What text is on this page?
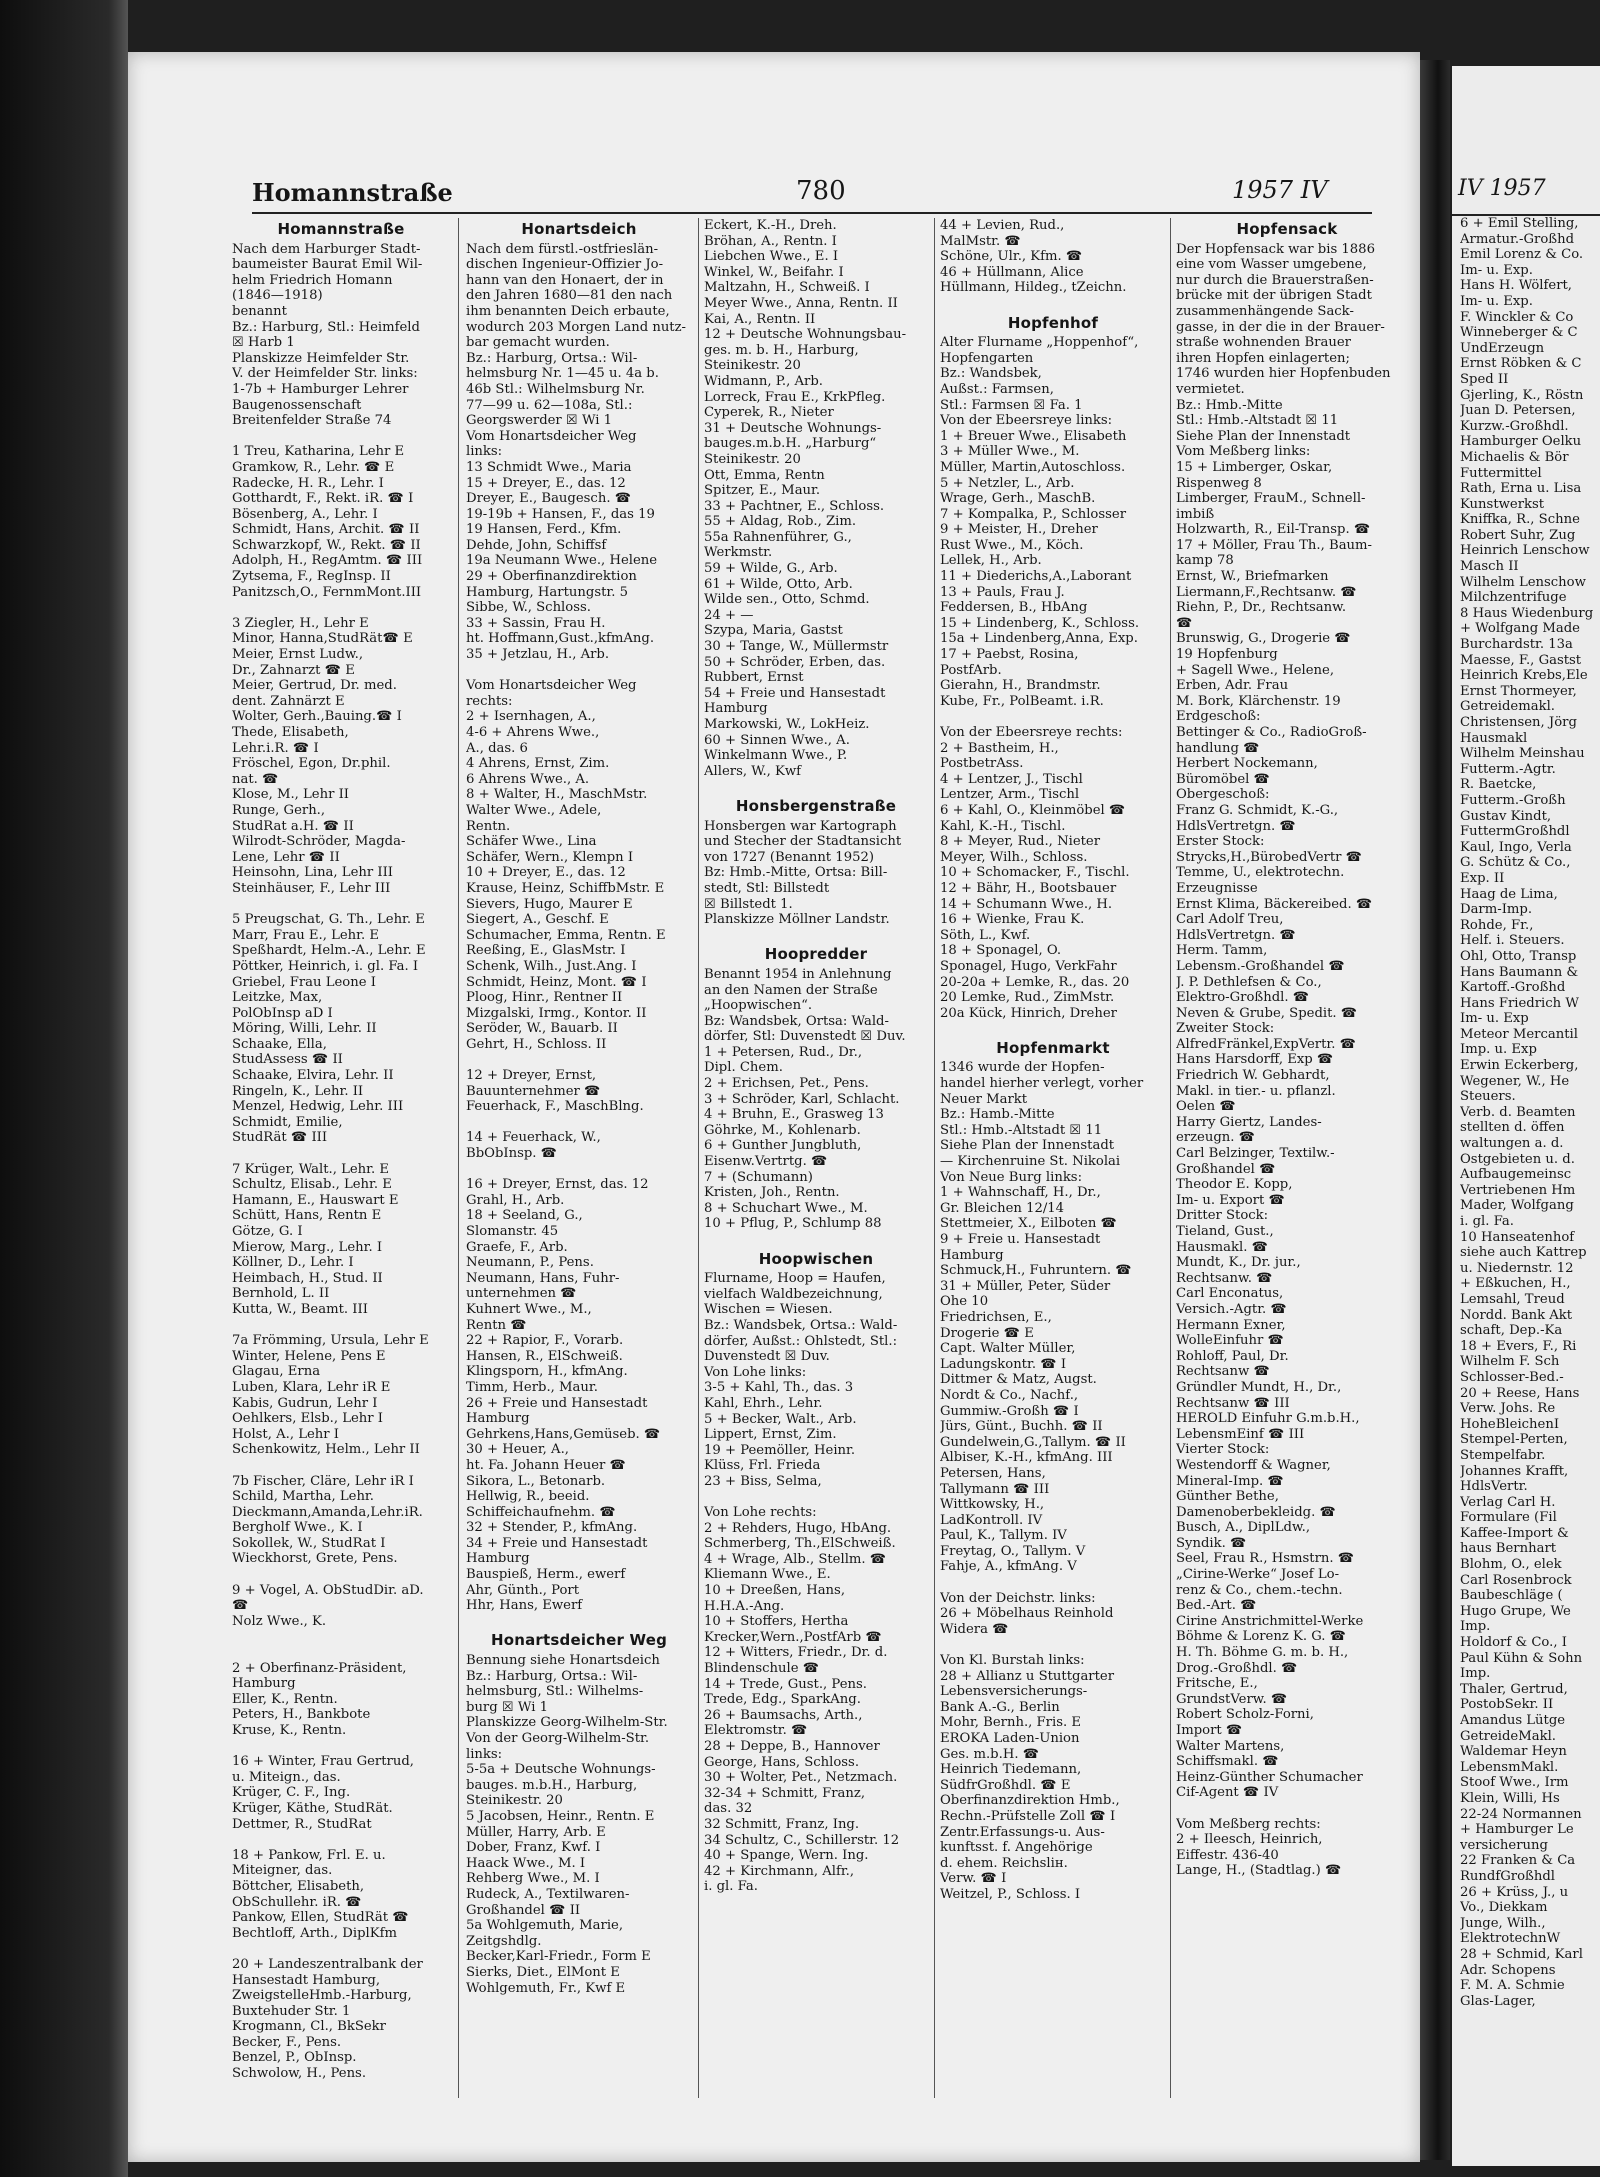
IV 1957
6 + Emil Stelling,
Armatur.-Großhd
Emil Lorenz & Co.
Im- u. Exp.
Hans H. Wölfert,
Im- u. Exp.
F. Winckler & Co
Winneberger & C
UndErzeugn
Ernst Röbken & C
Sped II
Gjerling, K., Röstn
Juan D. Petersen,
Kurzw.-Großhdl.
Hamburger Oelku
Michaelis & Bör
Futtermittel
Rath, Erna u. Lisa
Kunstwerkst
Kniffka, R., Schne
Robert Suhr, Zug
Heinrich Lenschow
Masch II
Wilhelm Lenschow
Milchzentrifuge
8 Haus Wiedenburg
+ Wolfgang Made
Burchardstr. 13a
Maesse, F., Gastst
Heinrich Krebs,Ele
Ernst Thormeyer,
Getreidemakl.
Christensen, Jörg
Hausmakl
Wilhelm Meinshau
Futterm.-Agtr.
R. Baetcke,
Futterm.-Großh
Gustav Kindt,
FuttermGroßhdl
Kaul, Ingo, Verla
G. Schütz & Co.,
Exp. II
Haag de Lima,
Darm-Imp.
Rohde, Fr.,
Helf. i. Steuers.
Ohl, Otto, Transp
Hans Baumann &
Kartoff.-Großhd
Hans Friedrich W
Im- u. Exp
Meteor Mercantil
Imp. u. Exp
Erwin Eckerberg,
Wegener, W., He
Steuers.
Verb. d. Beamten
stellten d. öffen
waltungen a. d.
Ostgebieten u. d.
Aufbaugemeinsc
Vertriebenen Hm
Mader, Wolfgang
i. gl. Fa.
10 Hanseatenhof
siehe auch Kattrep
u. Niedernstr. 12
+ Eßkuchen, H.,
Lemsahl, Treud
Nordd. Bank Akt
schaft, Dep.-Ka
18 + Evers, F., Ri
Wilhelm F. Sch
Schlosser-Bed.-
20 + Reese, Hans
Verw. Johs. Re
HoheBleichenI
Stempel-Perten,
Stempelfabr.
Johannes Krafft,
HdlsVertr.
Verlag Carl H.
Formulare (Fil
Kaffee-Import &
haus Bernhart
Blohm, O., elek
Carl Rosenbrock
Baubeschläge (
Hugo Grupe, We
Imp.
Holdorf & Co., I
Paul Kühn & Sohn
Imp.
Thaler, Gertrud,
PostobSekr. II
Amandus Lütge
GetreideMakl.
Waldemar Heyn
LebensmMakl.
Stoof Wwe., Irm
Klein, Willi, Hs
22-24 Normannen
+ Hamburger Le
versicherung
22 Franken & Ca
RundfGroßhdl
26 + Krüss, J., u
Vo., Diekkam
Junge, Wilh.,
ElektrotechnW
28 + Schmid, Karl
Adr. Schopens
F. M. A. Schmie
Glas-Lager,
Homannstraße	780	1957 IV
Homannstraße
Nach dem Harburger Stadt-
baumeister Baurat Emil Wil-
helm Friedrich Homann
(1846—1918)
benannt
Bz.: Harburg, Stl.: Heimfeld
☒ Harb 1
Planskizze Heimfelder Str.
V. der Heimfelder Str. links:
1-7b + Hamburger Lehrer
Baugenossenschaft
Breitenfelder Straße 74

1 Treu, Katharina, Lehr E
Gramkow, R., Lehr. ☎ E
Radecke, H. R., Lehr. I
Gotthardt, F., Rekt. iR. ☎ I
Bösenberg, A., Lehr. I
Schmidt, Hans, Archit. ☎ II
Schwarzkopf, W., Rekt. ☎ II
Adolph, H., RegAmtm. ☎ III
Zytsema, F., RegInsp. II
Panitzsch,O., FernmMont.III

3 Ziegler, H., Lehr E
Minor, Hanna,StudRät☎ E
Meier, Ernst Ludw.,
Dr., Zahnarzt ☎ E
Meier, Gertrud, Dr. med.
dent. Zahnärzt E
Wolter, Gerh.,Bauing.☎ I
Thede, Elisabeth,
Lehr.i.R. ☎ I
Fröschel, Egon, Dr.phil.
nat. ☎
Klose, M., Lehr II
Runge, Gerh.,
StudRat a.H. ☎ II
Wilrodt-Schröder, Magda-
Lene, Lehr ☎ II
Heinsohn, Lina, Lehr III
Steinhäuser, F., Lehr III

5 Preugschat, G. Th., Lehr. E
Marr, Frau E., Lehr. E
Speßhardt, Helm.-A., Lehr. E
Pöttker, Heinrich, i. gl. Fa. I
Griebel, Frau Leone I
Leitzke, Max,
PolObInsp aD I
Möring, Willi, Lehr. II
Schaake, Ella,
StudAssess ☎ II
Schaake, Elvira, Lehr. II
Ringeln, K., Lehr. II
Menzel, Hedwig, Lehr. III
Schmidt, Emilie,
StudRät ☎ III

7 Krüger, Walt., Lehr. E
Schultz, Elisab., Lehr. E
Hamann, E., Hauswart E
Schütt, Hans, Rentn E
Götze, G. I
Mierow, Marg., Lehr. I
Köllner, D., Lehr. I
Heimbach, H., Stud. II
Bernhold, L. II
Kutta, W., Beamt. III

7a Frömming, Ursula, Lehr E
Winter, Helene, Pens E
Glagau, Erna
Luben, Klara, Lehr iR E
Kabis, Gudrun, Lehr I
Oehlkers, Elsb., Lehr I
Holst, A., Lehr I
Schenkowitz, Helm., Lehr II

7b Fischer, Cläre, Lehr iR I
Schild, Martha, Lehr.
Dieckmann,Amanda,Lehr.iR.
Bergholf Wwe., K. I
Sokollek, W., StudRat I
Wieckhorst, Grete, Pens.

9 + Vogel, A. ObStudDir. aD.
☎
Nolz Wwe., K.

2 + Oberfinanz-Präsident,
Hamburg
Eller, K., Rentn.
Peters, H., Bankbote
Kruse, K., Rentn.

16 + Winter, Frau Gertrud,
u. Miteign., das.
Krüger, C. F., Ing.
Krüger, Käthe, StudRät.
Dettmer, R., StudRat

18 + Pankow, Frl. E. u.
Miteigner, das.
Böttcher, Elisabeth,
ObSchullehr. iR. ☎
Pankow, Ellen, StudRät ☎
Bechtloff, Arth., DiplKfm

20 + Landeszentralbank der
Hansestadt Hamburg,
ZweigstelleHmb.-Harburg,
Buxtehuder Str. 1
Krogmann, Cl., BkSekr
Becker, F., Pens.
Benzel, P., ObInsp.
Schwolow, H., Pens.
Honartsdeich
Nach dem fürstl.-ostfrieslän-
dischen Ingenieur-Offizier Jo-
hann van den Honaert, der in
den Jahren 1680—81 den nach
ihm benannten Deich erbaute,
wodurch 203 Morgen Land nutz-
bar gemacht wurden.
Bz.: Harburg, Ortsa.: Wil-
helmsburg Nr. 1—45 u. 4a b.
46b Stl.: Wilhelmsburg Nr.
77—99 u. 62—108a, Stl.:
Georgswerder ☒ Wi 1
Vom Honartsdeicher Weg
links:
13 Schmidt Wwe., Maria
15 + Dreyer, E., das. 12
Dreyer, E., Baugesch. ☎
19-19b + Hansen, F., das 19
19 Hansen, Ferd., Kfm.
Dehde, John, Schiffsf
19a Neumann Wwe., Helene
29 + Oberfinanzdirektion
Hamburg, Hartungstr. 5
Sibbe, W., Schloss.
33 + Sassin, Frau H.
ht. Hoffmann,Gust.,kfmAng.
35 + Jetzlau, H., Arb.

Vom Honartsdeicher Weg
rechts:
2 + Isernhagen, A.,
4-6 + Ahrens Wwe.,
A., das. 6
4 Ahrens, Ernst, Zim.
6 Ahrens Wwe., A.
8 + Walter, H., MaschMstr.
Walter Wwe., Adele,
Rentn.
Schäfer Wwe., Lina
Schäfer, Wern., Klempn I
10 + Dreyer, E., das. 12
Krause, Heinz, SchiffbMstr. E
Sievers, Hugo, Maurer E
Siegert, A., Geschf. E
Schumacher, Emma, Rentn. E
Reeßing, E., GlasMstr. I
Schenk, Wilh., Just.Ang. I
Schmidt, Heinz, Mont. ☎ I
Ploog, Hinr., Rentner II
Mizgalski, Irmg., Kontor. II
Seröder, W., Bauarb. II
Gehrt, H., Schloss. II

12 + Dreyer, Ernst,
Bauunternehmer ☎
Feuerhack, F., MaschBlng.

14 + Feuerhack, W.,
BbObInsp. ☎

16 + Dreyer, Ernst, das. 12
Grahl, H., Arb.
18 + Seeland, G.,
Slomanstr. 45
Graefe, F., Arb.
Neumann, P., Pens.
Neumann, Hans, Fuhr-
unternehmen ☎
Kuhnert Wwe., M.,
Rentn ☎
22 + Rapior, F., Vorarb.
Hansen, R., ElSchweiß.
Klingsporn, H., kfmAng.
Timm, Herb., Maur.
26 + Freie und Hansestadt
Hamburg
Gehrkens,Hans,Gemüseb. ☎
30 + Heuer, A.,
ht. Fa. Johann Heuer ☎
Sikora, L., Betonarb.
Hellwig, R., beeid.
Schiffeichaufnehm. ☎
32 + Stender, P., kfmAng.
34 + Freie und Hansestadt
Hamburg
Bauspieß, Herm., ewerf
Ahr, Günth., Port
Hhr, Hans, Ewerf

Honartsdeicher Weg
Bennung siehe Honartsdeich
Bz.: Harburg, Ortsa.: Wil-
helmsburg, Stl.: Wilhelms-
burg ☒ Wi 1
Planskizze Georg-Wilhelm-Str.
Von der Georg-Wilhelm-Str.
links:
5-5a + Deutsche Wohnungs-
bauges. m.b.H., Harburg,
Steinikestr. 20
5 Jacobsen, Heinr., Rentn. E
Müller, Harry, Arb. E
Dober, Franz, Kwf. I
Haack Wwe., M. I
Rehberg Wwe., M. I
Rudeck, A., Textilwaren-
Großhandel ☎ II
5a Wohlgemuth, Marie,
Zeitgshdlg.
Becker,Karl-Friedr., Form E
Sierks, Diet., ElMont E
Wohlgemuth, Fr., Kwf E
Eckert, K.-H., Dreh.
Bröhan, A., Rentn. I
Liebchen Wwe., E. I
Winkel, W., Beifahr. I
Maltzahn, H., Schweiß. I
Meyer Wwe., Anna, Rentn. II
Kai, A., Rentn. II
12 + Deutsche Wohnungsbau-
ges. m. b. H., Harburg,
Steinikestr. 20
Widmann, P., Arb.
Lorreck, Frau E., KrkPfleg.
Cyperek, R., Nieter
31 + Deutsche Wohnungs-
bauges.m.b.H. „Harburg“
Steinikestr. 20
Ott, Emma, Rentn
Spitzer, E., Maur.
33 + Pachtner, E., Schloss.
55 + Aldag, Rob., Zim.
55a Rahnenführer, G.,
Werkmstr.
59 + Wilde, G., Arb.
61 + Wilde, Otto, Arb.
Wilde sen., Otto, Schmd.
24 + —
Szypa, Maria, Gastst
30 + Tange, W., Müllermstr
50 + Schröder, Erben, das.
Rubbert, Ernst
54 + Freie und Hansestadt
Hamburg
Markowski, W., LokHeiz.
60 + Sinnen Wwe., A.
Winkelmann Wwe., P.
Allers, W., Kwf

Honsbergenstraße
Honsbergen war Kartograph
und Stecher der Stadtansicht
von 1727 (Benannt 1952)
Bz: Hmb.-Mitte, Ortsa: Bill-
stedt, Stl: Billstedt
☒ Billstedt 1.
Planskizze Möllner Landstr.

Hoopredder
Benannt 1954 in Anlehnung
an den Namen der Straße
„Hoopwischen“.
Bz: Wandsbek, Ortsa: Wald-
dörfer, Stl: Duvenstedt ☒ Duv.
1 + Petersen, Rud., Dr.,
Dipl. Chem.
2 + Erichsen, Pet., Pens.
3 + Schröder, Karl, Schlacht.
4 + Bruhn, E., Grasweg 13
Göhrke, M., Kohlenarb.
6 + Gunther Jungbluth,
Eisenw.Vertrtg. ☎
7 + (Schumann)
Kristen, Joh., Rentn.
8 + Schuchart Wwe., M.
10 + Pflug, P., Schlump 88

Hoopwischen
Flurname, Hoop = Haufen,
vielfach Waldbezeichnung,
Wischen = Wiesen.
Bz.: Wandsbek, Ortsa.: Wald-
dörfer, Außst.: Ohlstedt, Stl.:
Duvenstedt ☒ Duv.
Von Lohe links:
3-5 + Kahl, Th., das. 3
Kahl, Ehrh., Lehr.
5 + Becker, Walt., Arb.
Lippert, Ernst, Zim.
19 + Peemöller, Heinr.
Klüss, Frl. Frieda
23 + Biss, Selma,

Von Lohe rechts:
2 + Rehders, Hugo, HbAng.
Schmerberg, Th.,ElSchweiß.
4 + Wrage, Alb., Stellm. ☎
Kliemann Wwe., E.
10 + Dreeßen, Hans,
H.H.A.-Ang.
10 + Stoffers, Hertha
Krecker,Wern.,PostfArb ☎
12 + Witters, Friedr., Dr. d.
Blindenschule ☎
14 + Trede, Gust., Pens.
Trede, Edg., SparkAng.
26 + Baumsachs, Arth.,
Elektromstr. ☎
28 + Deppe, B., Hannover
George, Hans, Schloss.
30 + Wolter, Pet., Netzmach.
32-34 + Schmitt, Franz,
das. 32
32 Schmitt, Franz, Ing.
34 Schultz, C., Schillerstr. 12
40 + Spange, Wern. Ing.
42 + Kirchmann, Alfr.,
i. gl. Fa.
44 + Levien, Rud.,
MalMstr. ☎
Schöne, Ulr., Kfm. ☎
46 + Hüllmann, Alice
Hüllmann, Hildeg., tZeichn.

Hopfenhof
Alter Flurname „Hoppenhof“,
Hopfengarten
Bz.: Wandsbek,
Außst.: Farmsen,
Stl.: Farmsen ☒ Fa. 1
Von der Ebeersreye links:
1 + Breuer Wwe., Elisabeth
3 + Müller Wwe., M.
Müller, Martin,Autoschloss.
5 + Netzler, L., Arb.
Wrage, Gerh., MaschB.
7 + Kompalka, P., Schlosser
9 + Meister, H., Dreher
Rust Wwe., M., Köch.
Lellek, H., Arb.
11 + Diederichs,A.,Laborant
13 + Pauls, Frau J.
Feddersen, B., HbAng
15 + Lindenberg, K., Schloss.
15a + Lindenberg,Anna, Exp.
17 + Paebst, Rosina,
PostfArb.
Gierahn, H., Brandmstr.
Kube, Fr., PolBeamt. i.R.

Von der Ebeersreye rechts:
2 + Bastheim, H.,
PostbetrAss.
4 + Lentzer, J., Tischl
Lentzer, Arm., Tischl
6 + Kahl, O., Kleinmöbel ☎
Kahl, K.-H., Tischl.
8 + Meyer, Rud., Nieter
Meyer, Wilh., Schloss.
10 + Schomacker, F., Tischl.
12 + Bähr, H., Bootsbauer
14 + Schumann Wwe., H.
16 + Wienke, Frau K.
Söth, L., Kwf.
18 + Sponagel, O.
Sponagel, Hugo, VerkFahr
20-20a + Lemke, R., das. 20
20 Lemke, Rud., ZimMstr.
20a Kück, Hinrich, Dreher

Hopfenmarkt
1346 wurde der Hopfen-
handel hierher verlegt, vorher
Neuer Markt
Bz.: Hamb.-Mitte
Stl.: Hmb.-Altstadt ☒ 11
Siehe Plan der Innenstadt
— Kirchenruine St. Nikolai
Von Neue Burg links:
1 + Wahnschaff, H., Dr.,
Gr. Bleichen 12/14
Stettmeier, X., Eilboten ☎
9 + Freie u. Hansestadt
Hamburg
Schmuck,H., Fuhruntern. ☎
31 + Müller, Peter, Süder
Ohe 10
Friedrichsen, E.,
Drogerie ☎ E
Capt. Walter Müller,
Ladungskontr. ☎ I
Dittmer & Matz, Augst.
Nordt & Co., Nachf.,
Gummiw.-Großh ☎ I
Jürs, Günt., Buchh. ☎ II
Gundelwein,G.,Tallym. ☎ II
Albiser, K.-H., kfmAng. III
Petersen, Hans,
Tallymann ☎ III
Wittkowsky, H.,
LadKontroll. IV
Paul, K., Tallym. IV
Freytag, O., Tallym. V
Fahje, A., kfmAng. V

Von der Deichstr. links:
26 + Möbelhaus Reinhold
Widera ☎

Von Kl. Burstah links:
28 + Allianz u Stuttgarter
Lebensversicherungs-
Bank A.-G., Berlin
Mohr, Bernh., Fris. E
EROKA Laden-Union
Ges. m.b.H. ☎
Heinrich Tiedemann,
SüdfrGroßhdl. ☎ E
Oberfinanzdirektion Hmb.,
Rechn.-Prüfstelle Zoll ☎ I
Zentr.Erfassungs-u. Aus-
kunftsst. f. Angehörige
d. ehem. Reichsliн.
Verw. ☎ I
Weitzel, P., Schloss. I
Hopfensack
Der Hopfensack war bis 1886
eine vom Wasser umgebene,
nur durch die Brauerstraßen-
brücke mit der übrigen Stadt
zusammenhängende Sack-
gasse, in der die in der Brauer-
straße wohnenden Brauer
ihren Hopfen einlagerten;
1746 wurden hier Hopfenbuden
vermietet.
Bz.: Hmb.-Mitte
Stl.: Hmb.-Altstadt ☒ 11
Siehe Plan der Innenstadt
Vom Meßberg links:
15 + Limberger, Oskar,
Rispenweg 8
Limberger, FrauM., Schnell-
imbiß
Holzwarth, R., Eil-Transp. ☎
17 + Möller, Frau Th., Baum-
kamp 78
Ernst, W., Briefmarken
Liermann,F.,Rechtsanw. ☎
Riehn, P., Dr., Rechtsanw.
☎
Brunswig, G., Drogerie ☎
19 Hopfenburg
+ Sagell Wwe., Helene,
Erben, Adr. Frau
M. Bork, Klärchenstr. 19
Erdgeschoß:
Bettinger & Co., RadioGroß-
handlung ☎
Herbert Nockemann,
Büromöbel ☎
Obergeschoß:
Franz G. Schmidt, K.-G.,
HdlsVertretgn. ☎
Erster Stock:
Strycks,H.,BürobedVertr ☎
Temme, U., elektrotechn.
Erzeugnisse
Ernst Klima, Bäckereibed. ☎
Carl Adolf Treu,
HdlsVertretgn. ☎
Herm. Tamm,
Lebensm.-Großhandel ☎
J. P. Dethlefsen & Co.,
Elektro-Großhdl. ☎
Neven & Grube, Spedit. ☎
Zweiter Stock:
AlfredFränkel,ExpVertr. ☎
Hans Harsdorff, Exp ☎
Friedrich W. Gebhardt,
Makl. in tier.- u. pflanzl.
Oelen ☎
Harry Giertz, Landes-
erzeugn. ☎
Carl Belzinger, Textilw.-
Großhandel ☎
Theodor E. Kopp,
Im- u. Export ☎
Dritter Stock:
Tieland, Gust.,
Hausmakl. ☎
Mundt, K., Dr. jur.,
Rechtsanw. ☎
Carl Enconatus,
Versich.-Agtr. ☎
Hermann Exner,
WolleEinfuhr ☎
Rohloff, Paul, Dr.
Rechtsanw ☎
Gründler Mundt, H., Dr.,
Rechtsanw ☎ III
HEROLD Einfuhr G.m.b.H.,
LebensmEinf ☎ III
Vierter Stock:
Westendorff & Wagner,
Mineral-Imp. ☎
Günther Bethe,
Damenoberbekleidg. ☎
Busch, A., DiplLdw.,
Syndik. ☎
Seel, Frau R., Hsmstrn. ☎
„Cirine-Werke“ Josef Lo-
renz & Co., chem.-techn.
Bed.-Art. ☎
Cirine Anstrichmittel-Werke
Böhme & Lorenz K. G. ☎
H. Th. Böhme G. m. b. H.,
Drog.-Großhdl. ☎
Fritsche, E.,
GrundstVerw. ☎
Robert Scholz-Forni,
Import ☎
Walter Martens,
Schiffsmakl. ☎
Heinz-Günther Schumacher
Cif-Agent ☎ IV

Vom Meßberg rechts:
2 + Ileesch, Heinrich,
Eiffestr. 436-40
Lange, H., (Stadtlag.) ☎
